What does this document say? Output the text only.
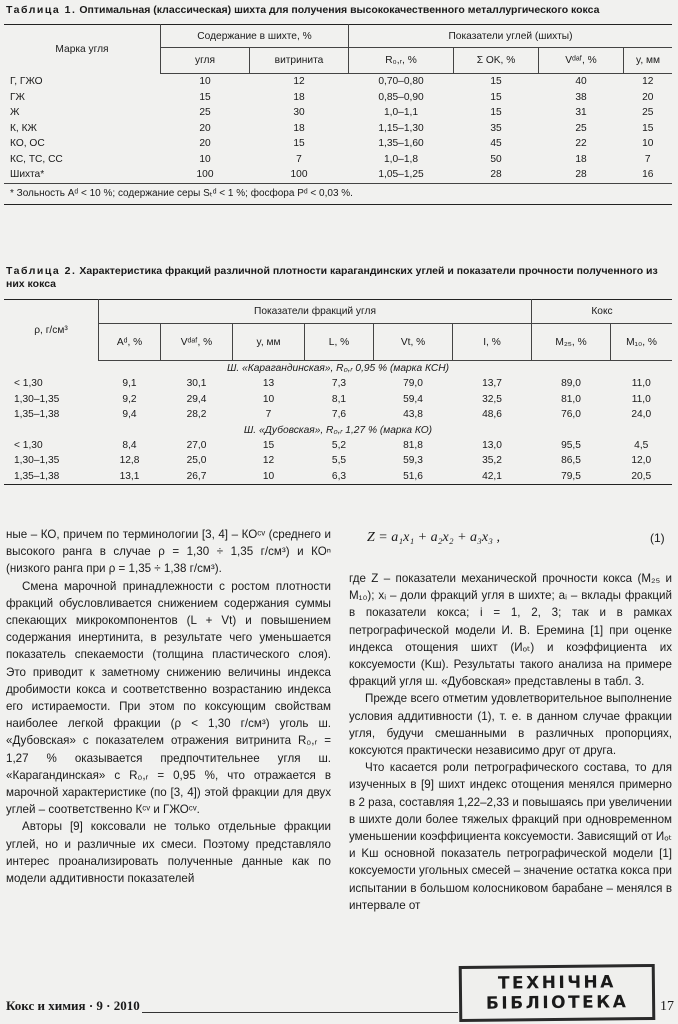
Таблица 1. Оптимальная (классическая) шихта для получения высококачественного металлургического кокса
Марка угля	Содержание в шихте, %		Показатели углей (шихты)			
	угля	витринита	R₀,ᵣ, %	Σ OK, %	Vᵈᵃᶠ, %	y, мм
Г, ГЖО	10	12	0,70–0,80	15	40	12
ГЖ	15	18	0,85–0,90	15	38	20
Ж	25	30	1,0–1,1	15	31	25
К, КЖ	20	18	1,15–1,30	35	25	15
КО, ОС	20	15	1,35–1,60	45	22	10
КС, ТС, СС	10	7	1,0–1,8	50	18	7
Шихта*	100	100	1,05–1,25	28	28	16
* Зольность Aᵈ < 10 %; содержание серы Sₜᵈ < 1 %; фосфора Pᵈ < 0,03 %.						
Таблица 2. Характеристика фракций различной плотности карагандинских углей и показатели прочности полученного из них кокса
ρ, г/см³	Показатели фракций угля						Кокс	
	Aᵈ, %	Vᵈᵃᶠ, %	y, мм	L, %	Vt, %	I, %	M₂₅, %	M₁₀, %
Ш. «Карагандинская», R₀,ᵣ 0,95 % (марка КСН)								
< 1,30	9,1	30,1	13	7,3	79,0	13,7	89,0	11,0
1,30–1,35	9,2	29,4	10	8,1	59,4	32,5	81,0	11,0
1,35–1,38	9,4	28,2	7	7,6	43,8	48,6	76,0	24,0
Ш. «Дубовская», R₀,ᵣ 1,27 % (марка КО)								
< 1,30	8,4	27,0	15	5,2	81,8	13,0	95,5	4,5
1,30–1,35	12,8	25,0	12	5,5	59,3	35,2	86,5	12,0
1,35–1,38	13,1	26,7	10	6,3	51,6	42,1	79,5	20,5

ные – КО, причем по терминологии [3, 4] – КОᶜᵛ (среднего и высокого ранга в случае ρ = 1,30 ÷ 1,35 г/см³) и КОⁿ (низкого ранга при ρ = 1,35 ÷ 1,38 г/см³).

Смена марочной принадлежности с ростом плотности фракций обусловливается снижением содержания суммы спекающих микрокомпонентов (L + Vt) и повышением содержания инертинита, в результате чего уменьшается показатель спекаемости (толщина пластического слоя). Это приводит к заметному снижению величины индекса дробимости кокса и соответственно возрастанию индекса его истираемости. При этом по коксующим свойствам наиболее легкой фракции (ρ < 1,30 г/см³) уголь ш. «Дубовская» с показателем отражения витринита R₀,ᵣ = 1,27 % оказывается предпочтительнее угля ш. «Карагандинская» с R₀,ᵣ = 0,95 %, что отражается в марочной характеристике (по [3, 4]) этой фракции для двух углей – соответственно Кᶜᵛ и ГЖОᶜᵛ.

Авторы [9] коксовали не только отдельные фракции углей, но и различные их смеси. Поэтому представляло интерес проанализировать полученные данные как по модели аддитивности показателей

Z = a₁x₁ + a₂x₂ + a₃x₃ ,	(1)

где Z – показатели механической прочности кокса (M₂₅ и M₁₀); xᵢ – доли фракций угля в шихте; aᵢ – вклады фракций в показатели кокса; i = 1, 2, 3; так и в рамках петрографической модели И. В. Еремина [1] при оценке индекса отощения шихт (Иₒₜ) и коэффициента их коксуемости (Kш). Результаты такого анализа на примере фракций угля ш. «Дубовская» представлены в табл. 3.

Прежде всего отметим удовлетворительное выполнение условия аддитивности (1), т. е. в данном случае фракции угля, будучи смешанными в различных пропорциях, коксуются практически независимо друг от друга.

Что касается роли петрографического состава, то для изученных в [9] шихт индекс отощения менялся примерно в 2 раза, составляя 1,22–2,33 и повышаясь при увеличении в шихте доли более тяжелых фракций при одновременном уменьшении коэффициента коксуемости. Зависящий от Иₒₜ и Kш основной показатель петрографической модели [1] коксуемости угольных смесей – значение остатка кокса при испытании в большом колосниковом барабане – менялся в интервале от

Кокс и химия · 9 · 2010
ТЕХНІЧНА
БІБЛІОТЕКА 17
